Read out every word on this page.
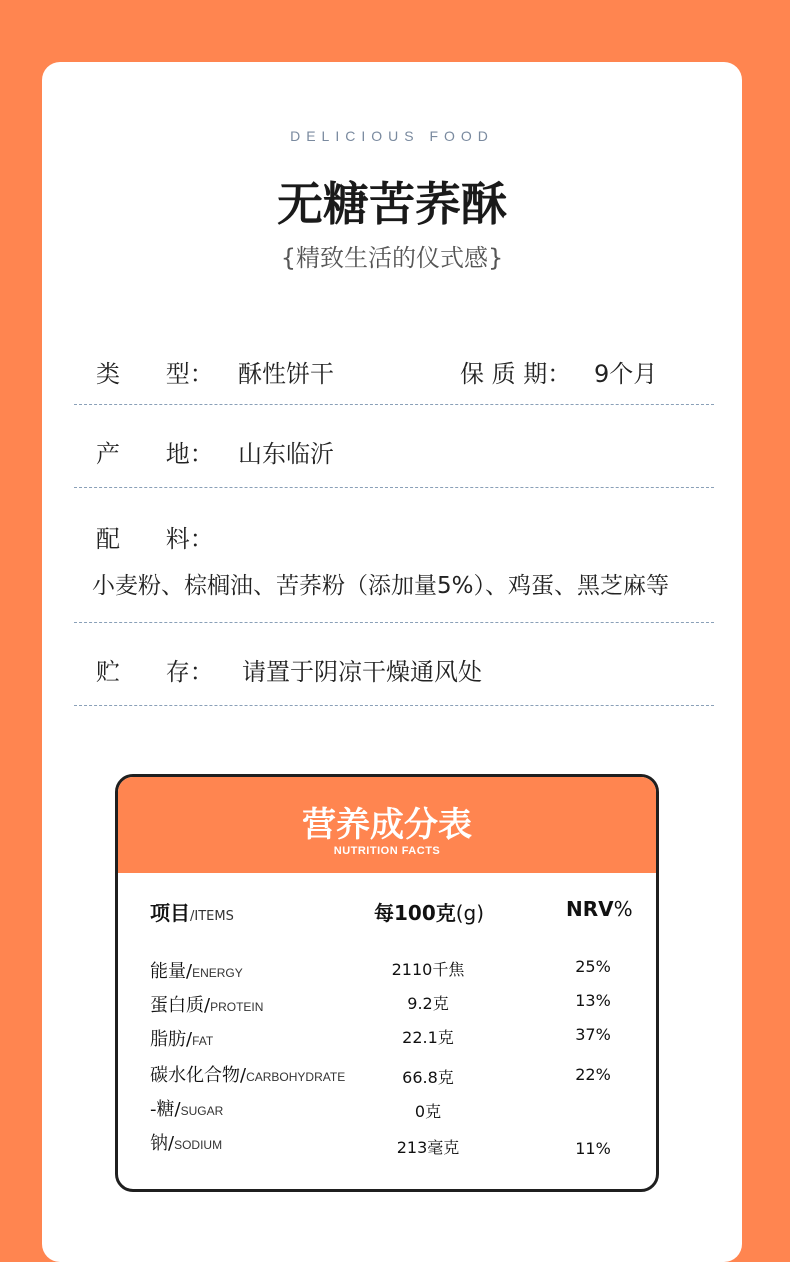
DELICIOUS FOOD
无糖苦荞酥
{精致生活的仪式感}
类      型： 酥性饼干	保 质 期： 9个月
产      地： 山东临沂
配      料：
小麦粉、棕榈油、苦荞粉（添加量5%）、鸡蛋、黑芝麻等
贮      存： 请置于阴凉干燥通风处
营养成分表
NUTRITION FACTS
项目/ITEMS	每100克(g)	NRV%
能量/ENERGY	2110千焦	25%
蛋白质/PROTEIN	9.2克	13%
脂肪/FAT	22.1克	37%
碳水化合物/CARBOHYDRATE	66.8克	22%
-糖/SUGAR	0克
钠/SODIUM	213毫克	11%
